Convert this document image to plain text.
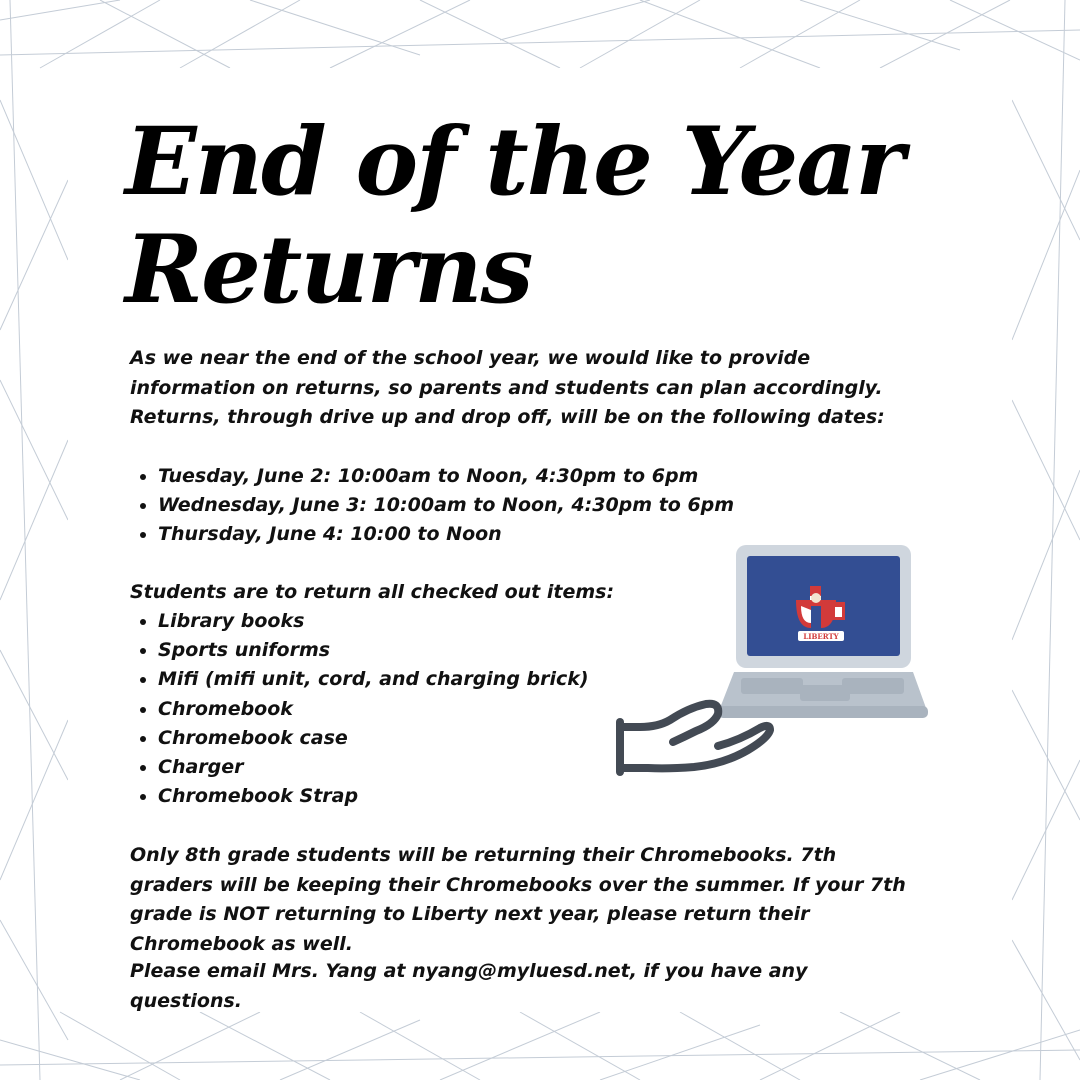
End of the Year
Returns

As we near the end of the school year, we would like to provide information on returns, so parents and students can plan accordingly. Returns, through drive up and drop off, will be on the following dates:

Tuesday, June 2: 10:00am to Noon, 4:30pm to 6pm
Wednesday, June 3: 10:00am to Noon, 4:30pm to 6pm
Thursday, June 4: 10:00 to Noon

Students are to return all checked out items:

Library books
Sports uniforms
Mifi (mifi unit, cord, and charging brick)
Chromebook
Chromebook case
Charger
Chromebook Strap

Only 8th grade students will be returning their Chromebooks. 7th graders will be keeping their Chromebooks over the summer. If your 7th grade is NOT returning to Liberty next year, please return their Chromebook as well.

Please email Mrs. Yang at nyang@myluesd.net, if you have any questions.

LIBERTY
